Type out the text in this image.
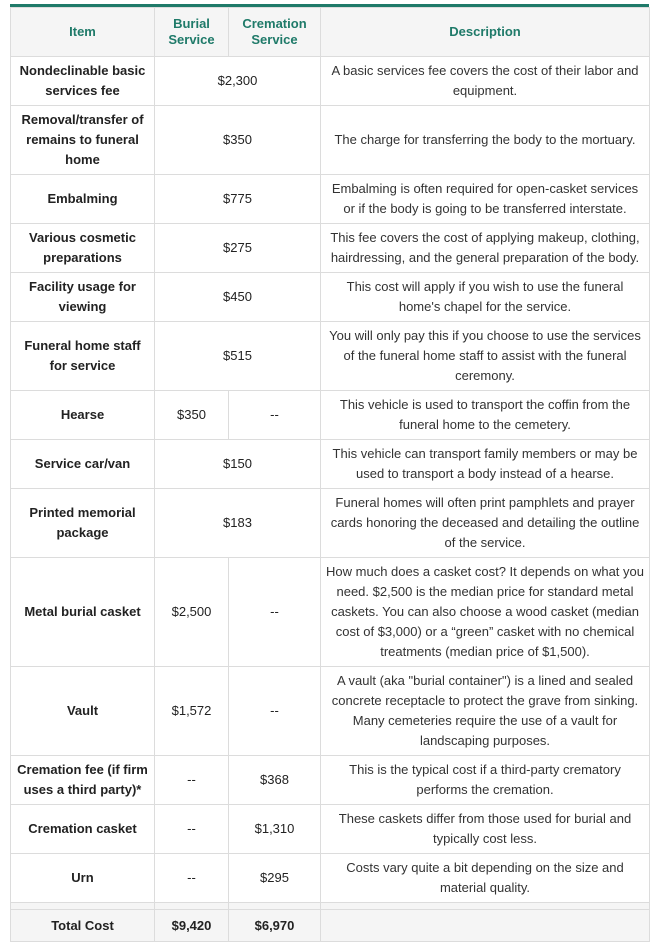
Item	Burial Service	Cremation Service	Description
Nondeclinable basic services fee	$2,300		A basic services fee covers the cost of their labor and equipment.
Removal/transfer of remains to funeral home	$350		The charge for transferring the body to the mortuary.
Embalming	$775		Embalming is often required for open-casket services or if the body is going to be transferred interstate.
Various cosmetic preparations	$275		This fee covers the cost of applying makeup, clothing, hairdressing, and the general preparation of the body.
Facility usage for viewing	$450		This cost will apply if you wish to use the funeral home's chapel for the service.
Funeral home staff for service	$515		You will only pay this if you choose to use the services of the funeral home staff to assist with the funeral ceremony.
Hearse	$350	--	This vehicle is used to transport the coffin from the funeral home to the cemetery.
Service car/van	$150		This vehicle can transport family members or may be used to transport a body instead of a hearse.
Printed memorial package	$183		Funeral homes will often print pamphlets and prayer cards honoring the deceased and detailing the outline of the service.
Metal burial casket	$2,500	--	How much does a casket cost? It depends on what you need. $2,500 is the median price for standard metal caskets. You can also choose a wood casket (median cost of $3,000) or a “green” casket with no chemical treatments (median price of $1,500).
Vault	$1,572	--	A vault (aka "burial container") is a lined and sealed concrete receptacle to protect the grave from sinking. Many cemeteries require the use of a vault for landscaping purposes.
Cremation fee (if firm uses a third party)*	--	$368	This is the typical cost if a third-party crematory performs the cremation.
Cremation casket	--	$1,310	These caskets differ from those used for burial and typically cost less.
Urn	--	$295	Costs vary quite a bit depending on the size and material quality.

Total Cost	$9,420	$6,970	
